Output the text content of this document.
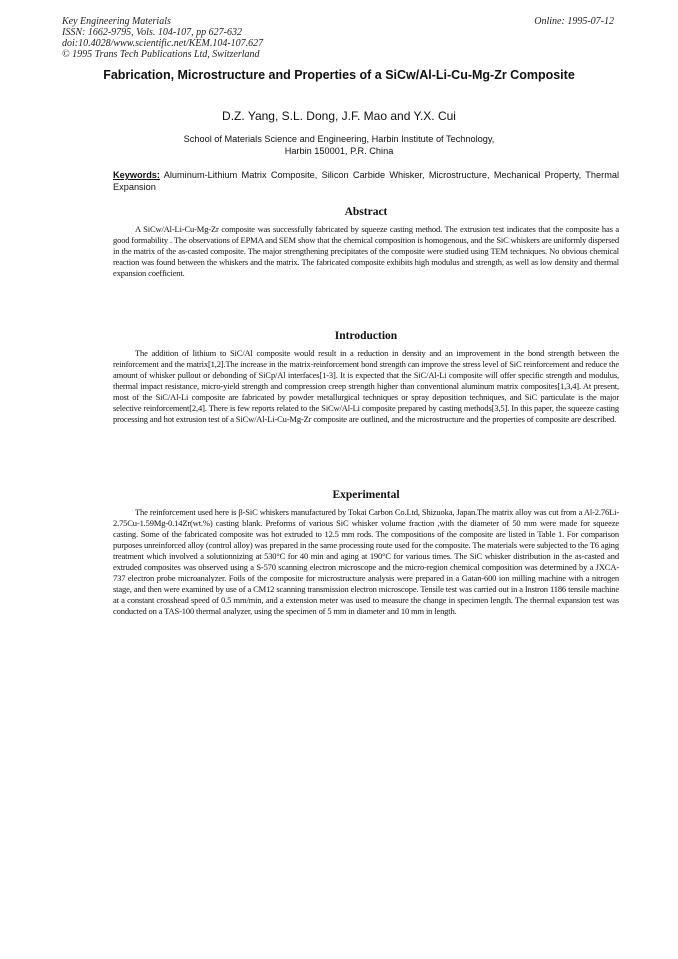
Key Engineering Materials
ISSN: 1662-9795, Vols. 104-107, pp 627-632
doi:10.4028/www.scientific.net/KEM.104-107.627
© 1995 Trans Tech Publications Ltd, Switzerland
Online: 1995-07-12
Fabrication, Microstructure and Properties of a SiCw/Al-Li-Cu-Mg-Zr Composite
D.Z. Yang, S.L. Dong, J.F. Mao and Y.X. Cui
School of Materials Science and Engineering, Harbin Institute of Technology,
Harbin 150001, P.R. China
Keywords: Aluminum-Lithium Matrix Composite, Silicon Carbide Whisker, Microstructure, Mechanical Property, Thermal Expansion
Abstract
A SiCw/Al-Li-Cu-Mg-Zr composite was successfully fabricated by squeeze casting method. The extrusion test indicates that the composite has a good formability . The observations of EPMA and SEM show that the chemical composition is homogenous, and the SiC whiskers are uniformly dispersed in the matrix of the as-casted composite. The major strengthening precipitates of the composite were studied using TEM techniques. No obvious chemical reaction was found between the whiskers and the matrix. The fabricated composite exhibits high modulus and strength, as well as low density and thermal expansion coefficient.
Introduction
The addition of lithium to SiC/Al composite would result in a reduction in density and an improvement in the bond strength between the reinforcement and the matrix[1,2].The increase in the matrix-reinforcement bond strength can improve the stress level of SiC reinforcement and reduce the amount of whisker pullout or debonding of SiCp/Al interfaces[1-3]. It is expected that the SiC/Al-Li composite will offer specific strength and modulus, thermal impact resistance, micro-yield strength and compression creep strength higher than conventional aluminum matrix composites[1,3,4]. At present, most of the SiC/Al-Li composite are fabricated by powder metallurgical techniques or spray deposition techniques, and SiC particulate is the major selective reinforcement[2,4]. There is few reports related to the SiCw/Al-Li composite prepared by casting methods[3,5]. In this paper, the squeeze casting processing and hot extrusion test of a SiCw/Al-Li-Cu-Mg-Zr composite are outlined, and the microstructure and the properties of composite are described.
Experimental
The reinforcement used here is β-SiC whiskers manufactured by Tokai Carbon Co.Ltd, Shizuoka, Japan.The matrix alloy was cut from a Al-2.76Li-2.75Cu-1.59Mg-0.14Zr(wt.%) casting blank. Preforms of various SiC whisker volume fraction ,with the diameter of 50 mm were made for squeeze casting. Some of the fabricated composite was hot extruded to 12.5 mm rods. The compositions of the composite are listed in Table 1. For comparison purposes unreinforced alloy (control alloy) was prepared in the same processing route used for the composite. The materials were subjected to the T6 aging treatment which involved a solutionnizing at 530°C for 40 min and aging at 190°C for various times. The SiC whisker distribution in the as-casted and extruded composites was observed using a S-570 scanning electron microscope and the micro-region chemical composition was determined by a JXCA-737 electron probe microanalyzer. Foils of the composite for microstructure analysis were prepared in a Gatan-600 ion milling machine with a nitrogen stage, and then were examined by use of a CM12 scanning transmission electron microscope. Tensile test was carried out in a Instron 1186 tensile machine at a constant crosshead speed of 0.5 mm/min, and a extension meter was used to measure the change in specimen length. The thermal expansion test was conducted on a TAS-100 thermal analyzer, using the specimen of 5 mm in diameter and 10 mm in length.
